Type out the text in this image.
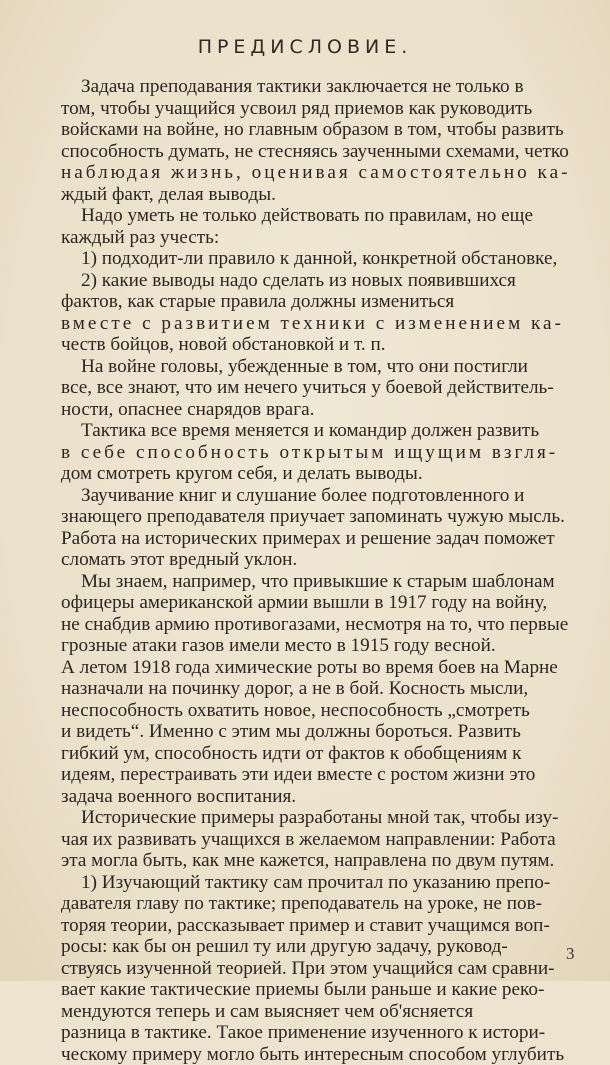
ПРЕДИСЛОВИЕ.
Задача преподавания тактики заключается не только в
том, чтобы учащийся усвоил ряд приемов как руководить
войсками на войне, но главным образом в том, чтобы развить
способность думать, не стесняясь заученными схемами, четко
наблюдая жизнь, оценивая самостоятельно ка-
ждый факт, делая выводы.
Надо уметь не только действовать по правилам, но еще
каждый раз учесть:
1) подходит-ли правило к данной, конкретной обстановке,
2) какие выводы надо сделать из новых появившихся
фактов, как старые правила должны измениться
вместе с развитием техники с изменением ка-
честв бойцов, новой обстановкой и т. п.
На войне головы, убежденные в том, что они постигли
все, все знают, что им нечего учиться у боевой действитель-
ности, опаснее снарядов врага.
Тактика все время меняется и командир должен развить
в себе способность открытым ищущим взгля-
дом смотреть кругом себя, и делать выводы.
Заучивание книг и слушание более подготовленного и
знающего преподавателя приучает запоминать чужую мысль.
Работа на исторических примерах и решение задач поможет
сломать этот вредный уклон.
Мы знаем, например, что привыкшие к старым шаблонам
офицеры американской армии вышли в 1917 году на войну,
не снабдив армию противогазами, несмотря на то, что первые
грозные атаки газов имели место в 1915 году весной.
А летом 1918 года химические роты во время боев на Марне
назначали на починку дорог, а не в бой. Косность мысли,
неспособность охватить новое, неспособность „смотреть
и видеть“. Именно с этим мы должны бороться. Развить
гибкий ум, способность идти от фактов к обобщениям к
идеям, перестраивать эти идеи вместе с ростом жизни это
задача военного воспитания.
Исторические примеры разработаны мной так, чтобы изу-
чая их развивать учащихся в желаемом направлении: Работа
эта могла быть, как мне кажется, направлена по двум путям.
1) Изучающий тактику сам прочитал по указанию препо-
давателя главу по тактике; преподаватель на уроке, не пов-
торяя теории, рассказывает пример и ставит учащимся воп-
росы: как бы он решил ту или другую задачу, руковод-
ствуясь изученной теорией. При этом учащийся сам сравни-
вает какие тактические приемы были раньше и какие реко-
мендуются теперь и сам выясняет чем об'ясняется
разница в тактике. Такое применение изученного к истори-
ческому примеру могло быть интересным способом углубить
3
